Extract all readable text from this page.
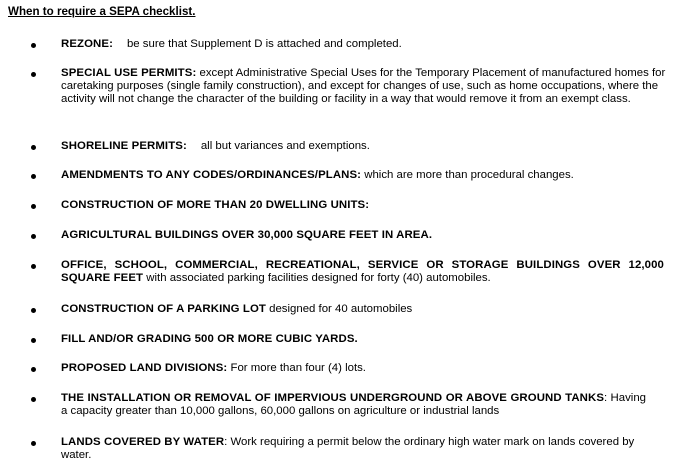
When to require a SEPA checklist.
REZONE: be sure that Supplement D is attached and completed.
SPECIAL USE PERMITS: except Administrative Special Uses for the Temporary Placement of manufactured homes for caretaking purposes (single family construction), and except for changes of use, such as home occupations, where the activity will not change the character of the building or facility in a way that would remove it from an exempt class.
SHORELINE PERMITS: all but variances and exemptions.
AMENDMENTS TO ANY CODES/ORDINANCES/PLANS: which are more than procedural changes.
CONSTRUCTION OF MORE THAN 20 DWELLING UNITS:
AGRICULTURAL BUILDINGS OVER 30,000 SQUARE FEET IN AREA.
OFFICE, SCHOOL, COMMERCIAL, RECREATIONAL, SERVICE OR STORAGE BUILDINGS OVER 12,000 SQUARE FEET with associated parking facilities designed for forty (40) automobiles.
CONSTRUCTION OF A PARKING LOT designed for 40 automobiles
FILL AND/OR GRADING 500 OR MORE CUBIC YARDS.
PROPOSED LAND DIVISIONS: For more than four (4) lots.
THE INSTALLATION OR REMOVAL OF IMPERVIOUS UNDERGROUND OR ABOVE GROUND TANKS: Having a capacity greater than 10,000 gallons, 60,000 gallons on agriculture or industrial lands
LANDS COVERED BY WATER: Work requiring a permit below the ordinary high water mark on lands covered by water.
